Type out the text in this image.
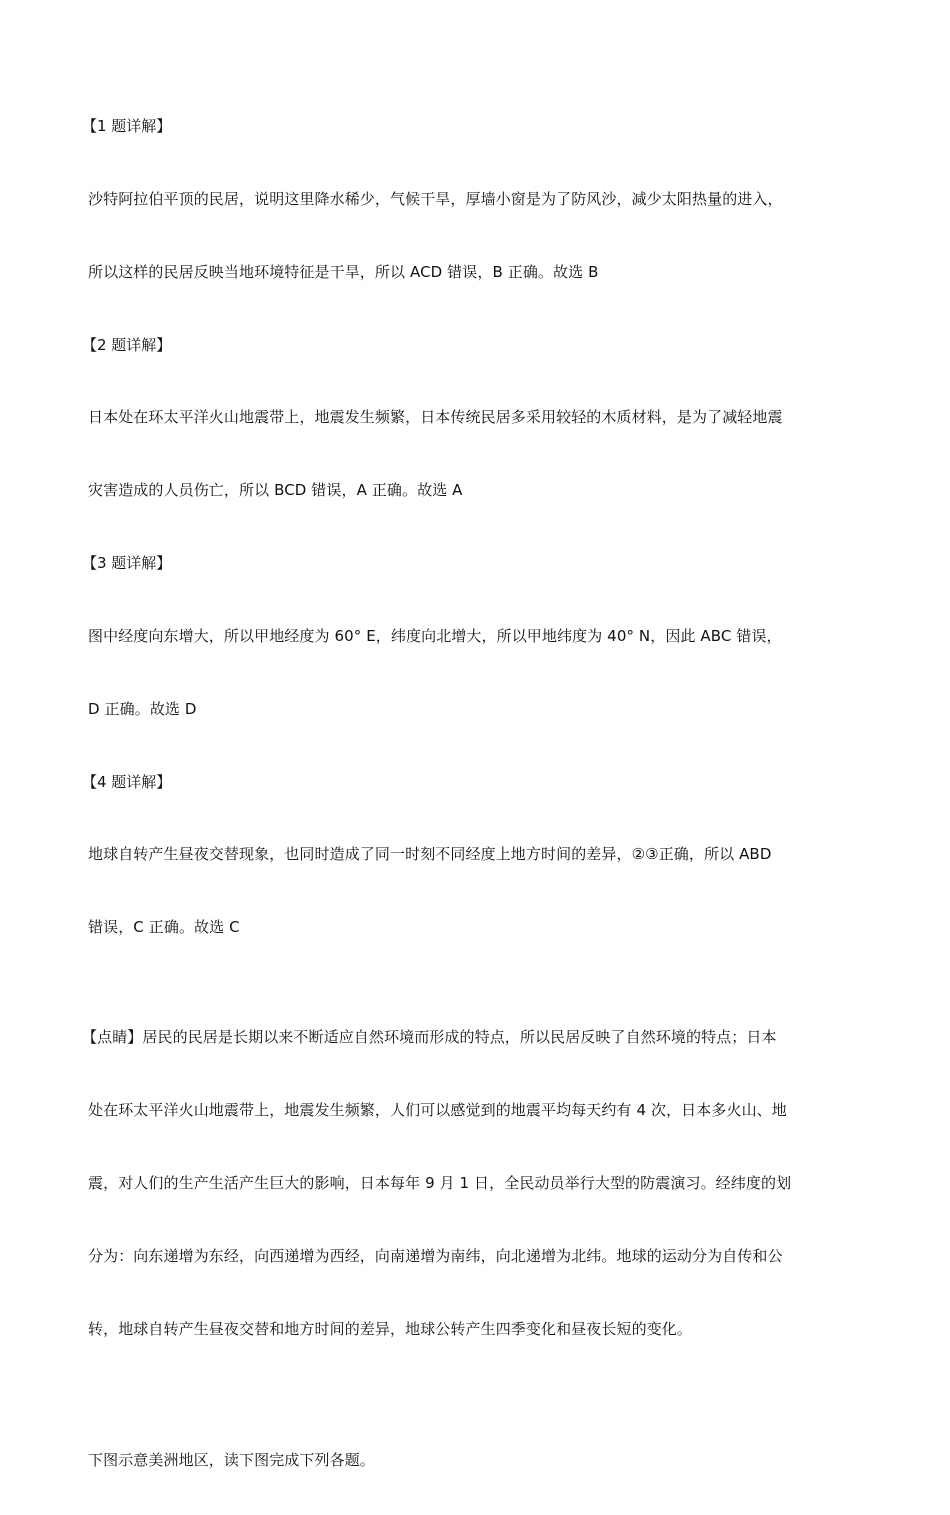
【1 题详解】

沙特阿拉伯平顶的民居，说明这里降水稀少，气候干旱，厚墙小窗是为了防风沙，减少太阳热量的进入，

所以这样的民居反映当地环境特征是干旱，所以 ACD 错误，B 正确。故选 B

【2 题详解】

日本处在环太平洋火山地震带上，地震发生频繁，日本传统民居多采用较轻的木质材料，是为了减轻地震

灾害造成的人员伤亡，所以 BCD 错误，A 正确。故选 A

【3 题详解】

图中经度向东增大，所以甲地经度为 60° E，纬度向北增大，所以甲地纬度为 40° N，因此 ABC 错误，

D 正确。故选 D

【4 题详解】

地球自转产生昼夜交替现象，也同时造成了同一时刻不同经度上地方时间的差异，②③正确，所以 ABD

错误，C 正确。故选 C

【点睛】居民的民居是长期以来不断适应自然环境而形成的特点，所以民居反映了自然环境的特点；日本

处在环太平洋火山地震带上，地震发生频繁，人们可以感觉到的地震平均每天约有 4 次，日本多火山、地

震，对人们的生产生活产生巨大的影响，日本每年 9 月 1 日，全民动员举行大型的防震演习。经纬度的划

分为：向东递增为东经，向西递增为西经，向南递增为南纬，向北递增为北纬。地球的运动分为自传和公

转，地球自转产生昼夜交替和地方时间的差异，地球公转产生四季变化和昼夜长短的变化。

下图示意美洲地区，读下图完成下列各题。
